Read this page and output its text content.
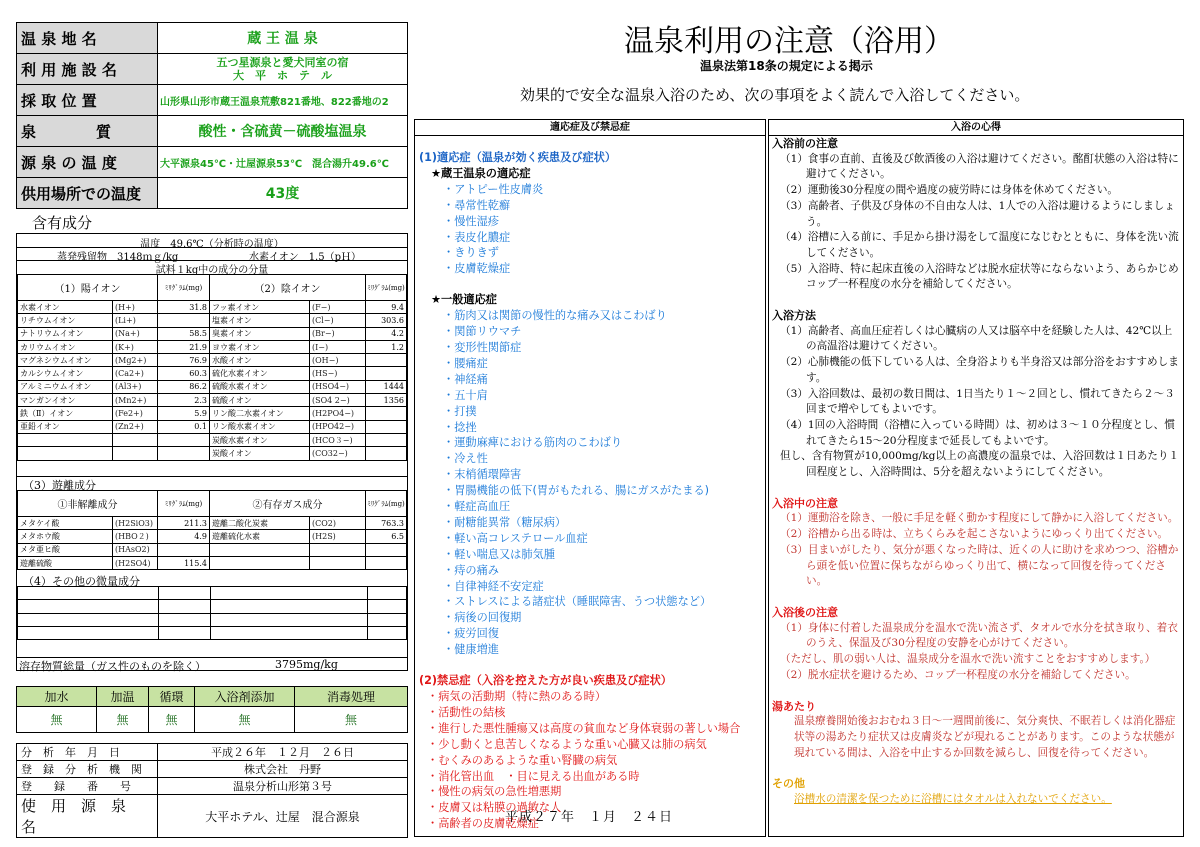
温 泉 地 名	蔵 王 温 泉
利 用 施 設 名	五つ星源泉と愛犬同室の宿
大　平　ホ　テ　ル

採 取 位 置	山形県山形市蔵王温泉荒敷821番地、822番地の2
泉　　　　質	酸性・含硫黄－硫酸塩温泉
源 泉 の 温 度	大平源泉45℃・辻屋源泉53℃　混合湯升49.6℃
供用場所での温度	43度
含有成分
温度　49.6℃（分析時の温度）
蒸発残留物　3148ｍｇ/kg	水素イオン　1.5（pＨ）
試料１kg中の成分の分量
（1）陽イオン		ﾐﾘｸﾞﾗﾑ(mg)	（2）陰イオン		ﾐﾘｸﾞﾗﾑ(mg)
水素イオン	(H+)	31.8	フッ素イオン	(F−)	9.4
リチウムイオン	(Li+)		塩素イオン	(Cl−)	303.6
ナトリウムイオン	(Na+)	58.5	臭素イオン	(Br−)	4.2
カリウムイオン	(K+)	21.9	ヨウ素イオン	(I−)	1.2
マグネシウムイオン	(Mg2+)	76.9	水酸イオン	(OH−)	
カルシウムイオン	(Ca2+)	60.3	硫化水素イオン	(HS−)	
アルミニウムイオン	(Al3+)	86.2	硫酸水素イオン	(HSO4−)	1444
マンガンイオン	(Mn2+)	2.3	硫酸イオン	(SO4 2−)	1356
鉄（Ⅱ）イオン	(Fe2+)	5.9	リン酸二水素イオン	(H2PO4−)	
亜鉛イオン	(Zn2+)	0.1	リン酸水素イオン	(HPO42−)	
			炭酸水素イオン	(HCO３−)	
			炭酸イオン	(CO32−)	
（3）遊離成分
①非解離成分		ﾐﾘｸﾞﾗﾑ(mg)	②有存ガス成分		ﾐﾘｸﾞﾗﾑ(mg)
メタケイ酸	(H2SiO3)	211.3	遊離二酸化炭素	(CO2)	763.3
メタホウ酸	(HBO２)	4.9	遊離硫化水素	(H2S)	6.5
メタ亜ヒ酸	(HAsO2)				
遊離硫酸	(H2SO4)	115.4			
（4）その他の微量成分

溶存物質総量（ガス性のものを除く）	3795mg/kg
加水	加温	循環	入浴剤添加	消毒処理
無	無	無	無	無
分　析　年　月　日	平成２６年　１２月　２６日
登　録　分　析　機　関	株式会社　丹野
登　　録　　番　　号	温泉分析山形第３号
使　用　源　泉　名	大平ホテル、辻屋　混合源泉
温泉利用の注意（浴用）
温泉法第18条の規定による掲示
効果的で安全な温泉入浴のため、次の事項をよく読んで入浴してください。
適応症及び禁忌症
(1)適応症（温泉が効く疾患及び症状）
★蔵王温泉の適応症
・アトピー性皮膚炎
・尋常性乾癬
・慢性湿疹
・表皮化膿症
・きりきず
・皮膚乾燥症
★一般適応症
・筋肉又は関節の慢性的な痛み又はこわばり
・関節リウマチ
・変形性関節症
・腰痛症
・神経痛
・五十肩
・打撲
・捻挫
・運動麻痺における筋肉のこわばり
・冷え性
・末梢循環障害
・胃腸機能の低下(胃がもたれる、腸にガスがたまる)
・軽症高血圧
・耐糖能異常（糖尿病）
・軽い高コレステロール血症
・軽い喘息又は肺気腫
・痔の痛み
・自律神経不安定症
・ストレスによる諸症状（睡眠障害、うつ状態など）
・病後の回復期
・疲労回復
・健康増進
(2)禁忌症（入浴を控えた方が良い疾患及び症状）
・病気の活動期（特に熱のある時）
・活動性の結核
・進行した悪性腫瘍又は高度の貧血など身体衰弱の著しい場合
・少し動くと息苦しくなるような重い心臓又は肺の病気
・むくみのあるような重い腎臓の病気
・消化管出血　・目に見える出血がある時
・慢性の病気の急性増悪期
・皮膚又は粘膜の過敏な人
・高齢者の皮膚乾燥症
平成２７年　１月　２４日
入浴の心得
入浴前の注意
（1）食事の直前、直後及び飲酒後の入浴は避けてください。酩酊状態の入浴は特に避けてください。
（2）運動後30分程度の間や過度の疲労時には身体を休めてください。
（3）高齢者、子供及び身体の不自由な人は、1人での入浴は避けるようにしましょう。
（4）浴槽に入る前に、手足から掛け湯をして温度になじむとともに、身体を洗い流してください。
（5）入浴時、特に起床直後の入浴時などは脱水症状等にならないよう、あらかじめコップ一杯程度の水分を補給してください。
入浴方法
（1）高齢者、高血圧症若しくは心臓病の人又は脳卒中を経験した人は、42℃以上の高温浴は避けてください。
（2）心肺機能の低下している人は、全身浴よりも半身浴又は部分浴をおすすめします。
（3）入浴回数は、最初の数日間は、1日当たり１～２回とし、慣れてきたら２～３回まで増やしてもよいです。
（4）1回の入浴時間（浴槽に入っている時間）は、初めは３～１０分程度とし、慣れてきたら15～20分程度まで延長してもよいです。
但し、含有物質が10,000mg/kg以上の高濃度の温泉では、入浴回数は１日あたり１回程度とし、入浴時間は、5分を超えないようにしてください。
入浴中の注意
（1）運動浴を除き、一般に手足を軽く動かす程度にして静かに入浴してください。
（2）浴槽から出る時は、立ちくらみを起こさないようにゆっくり出てください。
（3）目まいがしたり、気分が悪くなった時は、近くの人に助けを求めつつ、浴槽から頭を低い位置に保ちながらゆっくり出て、横になって回復を待ってください。
入浴後の注意
（1）身体に付着した温泉成分を温水で洗い流さず、タオルで水分を拭き取り、着衣のうえ、保温及び30分程度の安静を心がけてください。
（ただし、肌の弱い人は、温泉成分を温水で洗い流すことをおすすめします。）
（2）脱水症状を避けるため、コップ一杯程度の水分を補給してください。
湯あたり
温泉療養開始後おおむね３日～一週間前後に、気分爽快、不眠若しくは消化器症状等の湯あたり症状又は皮膚炎などが現れることがあります。このような状態が現れている間は、入浴を中止するか回数を減らし、回復を待ってください。
その他
浴槽水の清潔を保つために浴槽にはタオルは入れないでください。
